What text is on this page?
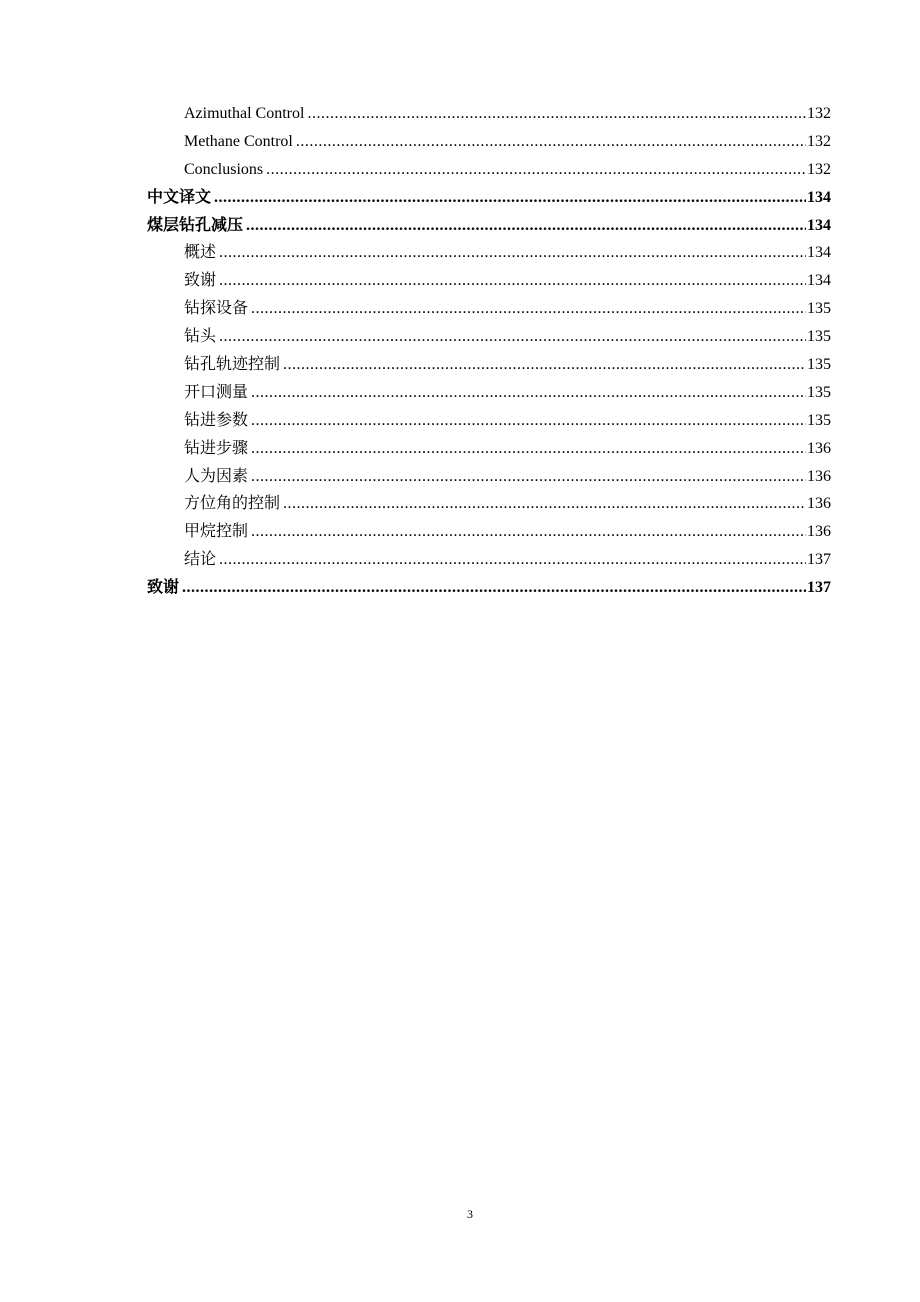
Azimuthal Control .....	132
Methane Control .....	132
Conclusions .....	132
中文译文 .....	134
煤层钻孔减压 .....	134
概述 .....	134
致谢 .....	134
钻探设备 .....	135
钻头 .....	135
钻孔轨迹控制 .....	135
开口测量 .....	135
钻进参数 .....	135
钻进步骤 .....	136
人为因素 .....	136
方位角的控制 .....	136
甲烷控制 .....	136
结论 .....	137
致谢 .....	137
3
